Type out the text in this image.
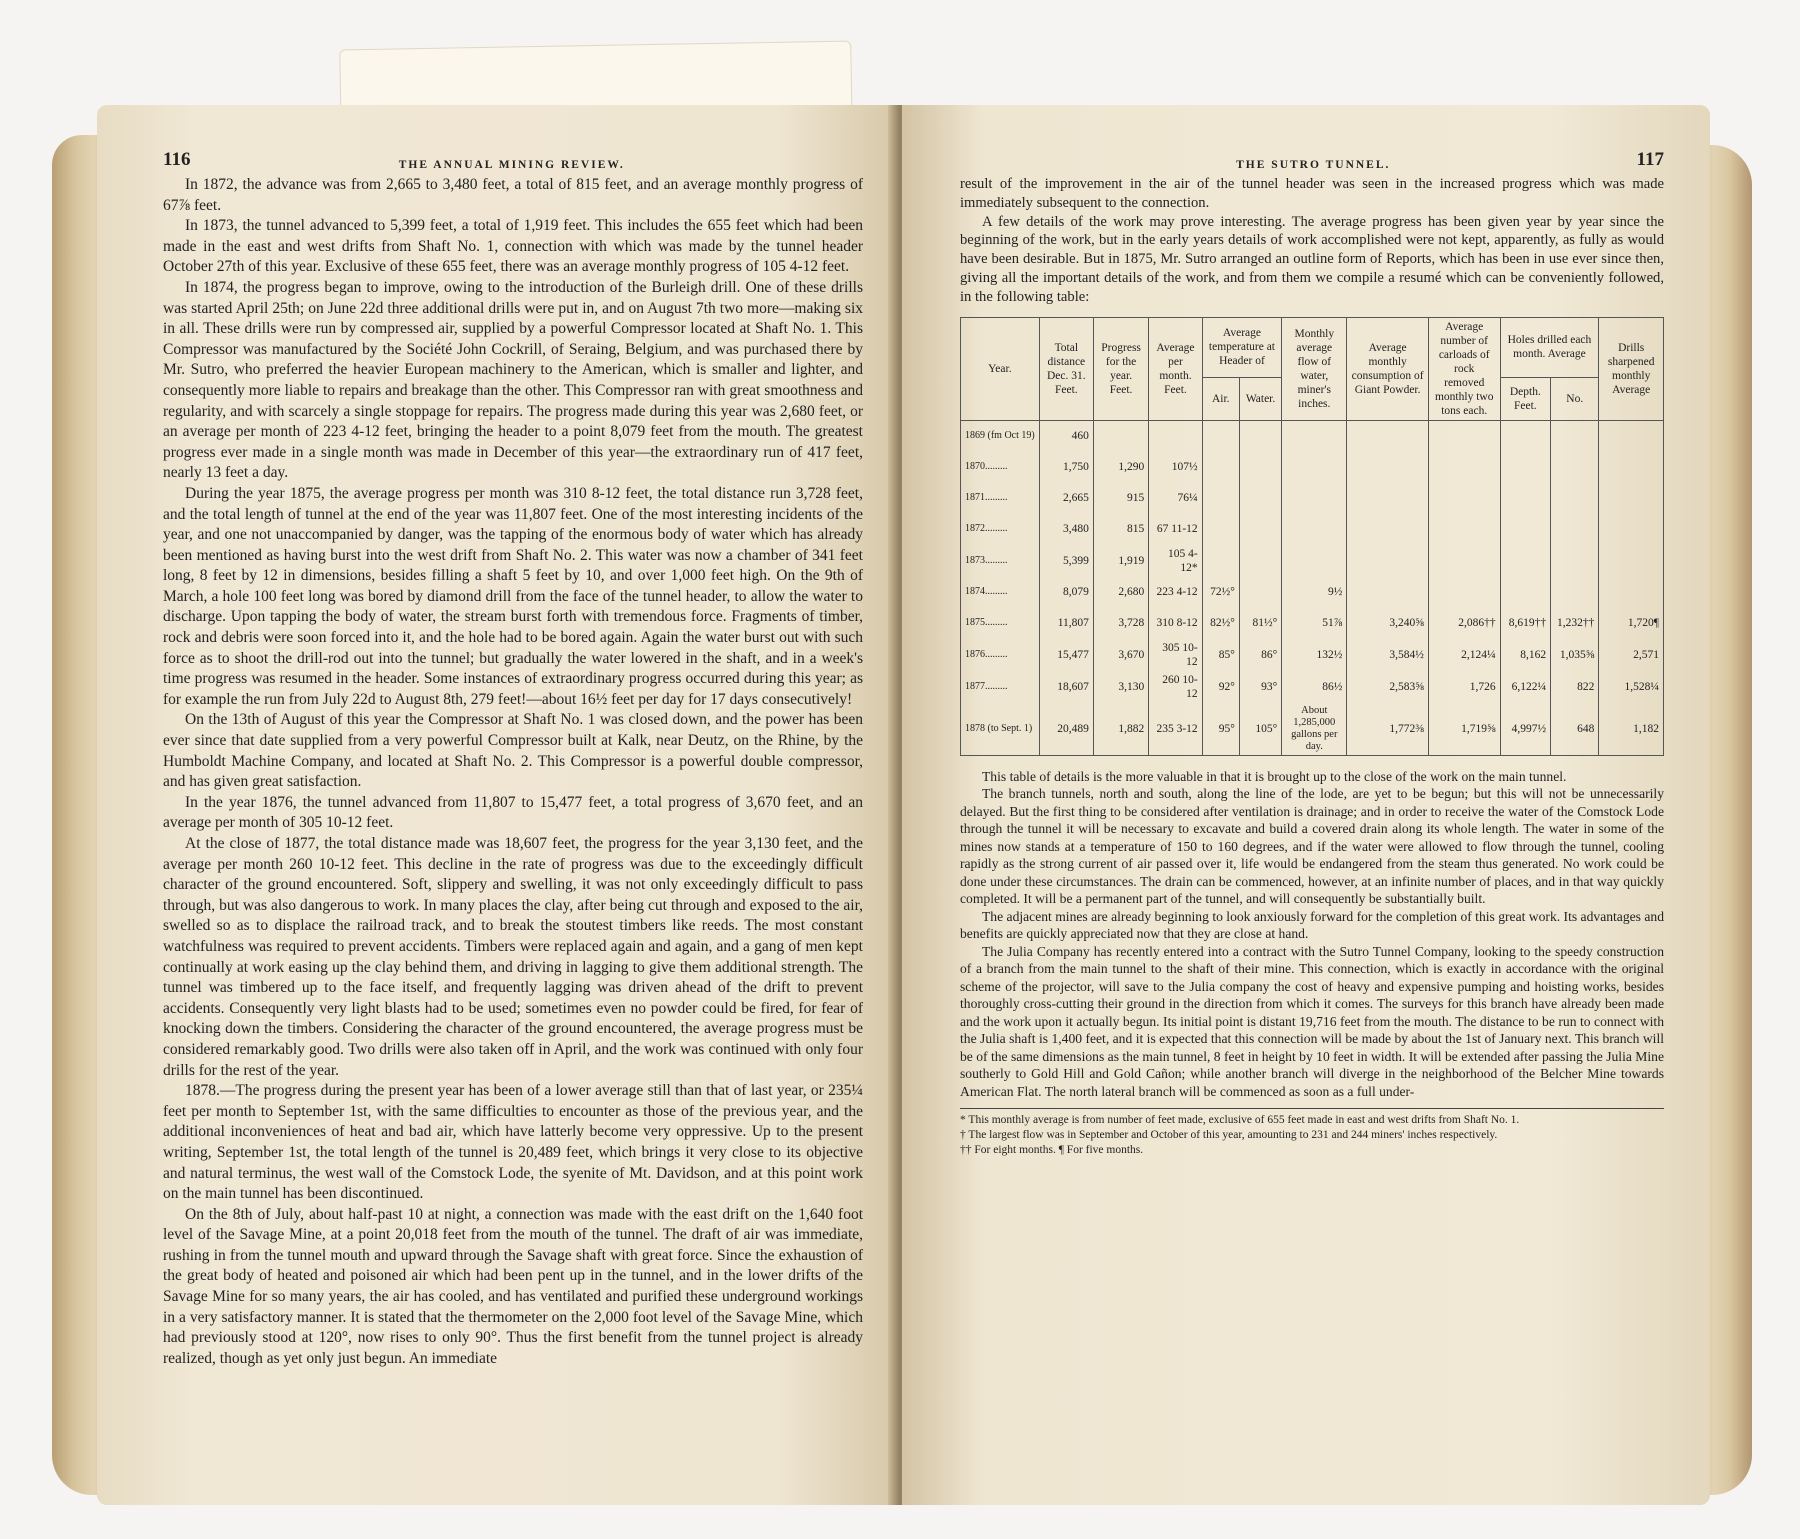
116	THE ANNUAL MINING REVIEW.

In 1872, the advance was from 2,665 to 3,480 feet, a total of 815 feet, and an average monthly progress of 67⅞ feet.

In 1873, the tunnel advanced to 5,399 feet, a total of 1,919 feet. This includes the 655 feet which had been made in the east and west drifts from Shaft No. 1, connection with which was made by the tunnel header October 27th of this year. Exclusive of these 655 feet, there was an average monthly progress of 105 4-12 feet.

In 1874, the progress began to improve, owing to the introduction of the Burleigh drill. One of these drills was started April 25th; on June 22d three additional drills were put in, and on August 7th two more—making six in all. These drills were run by compressed air, supplied by a powerful Compressor located at Shaft No. 1. This Compressor was manufactured by the Société John Cockrill, of Seraing, Belgium, and was purchased there by Mr. Sutro, who preferred the heavier European machinery to the American, which is smaller and lighter, and consequently more liable to repairs and breakage than the other. This Compressor ran with great smoothness and regularity, and with scarcely a single stoppage for repairs. The progress made during this year was 2,680 feet, or an average per month of 223 4-12 feet, bringing the header to a point 8,079 feet from the mouth. The greatest progress ever made in a single month was made in December of this year—the extraordinary run of 417 feet, nearly 13 feet a day.

During the year 1875, the average progress per month was 310 8-12 feet, the total distance run 3,728 feet, and the total length of tunnel at the end of the year was 11,807 feet. One of the most interesting incidents of the year, and one not unaccompanied by danger, was the tapping of the enormous body of water which has already been mentioned as having burst into the west drift from Shaft No. 2. This water was now a chamber of 341 feet long, 8 feet by 12 in dimensions, besides filling a shaft 5 feet by 10, and over 1,000 feet high. On the 9th of March, a hole 100 feet long was bored by diamond drill from the face of the tunnel header, to allow the water to discharge. Upon tapping the body of water, the stream burst forth with tremendous force. Fragments of timber, rock and debris were soon forced into it, and the hole had to be bored again. Again the water burst out with such force as to shoot the drill-rod out into the tunnel; but gradually the water lowered in the shaft, and in a week's time progress was resumed in the header. Some instances of extraordinary progress occurred during this year; as for example the run from July 22d to August 8th, 279 feet!—about 16½ feet per day for 17 days consecutively!

On the 13th of August of this year the Compressor at Shaft No. 1 was closed down, and the power has been ever since that date supplied from a very powerful Compressor built at Kalk, near Deutz, on the Rhine, by the Humboldt Machine Company, and located at Shaft No. 2. This Compressor is a powerful double compressor, and has given great satisfaction.

In the year 1876, the tunnel advanced from 11,807 to 15,477 feet, a total progress of 3,670 feet, and an average per month of 305 10-12 feet.

At the close of 1877, the total distance made was 18,607 feet, the progress for the year 3,130 feet, and the average per month 260 10-12 feet. This decline in the rate of progress was due to the exceedingly difficult character of the ground encountered. Soft, slippery and swelling, it was not only exceedingly difficult to pass through, but was also dangerous to work. In many places the clay, after being cut through and exposed to the air, swelled so as to displace the railroad track, and to break the stoutest timbers like reeds. The most constant watchfulness was required to prevent accidents. Timbers were replaced again and again, and a gang of men kept continually at work easing up the clay behind them, and driving in lagging to give them additional strength. The tunnel was timbered up to the face itself, and frequently lagging was driven ahead of the drift to prevent accidents. Consequently very light blasts had to be used; sometimes even no powder could be fired, for fear of knocking down the timbers. Considering the character of the ground encountered, the average progress must be considered remarkably good. Two drills were also taken off in April, and the work was continued with only four drills for the rest of the year.

1878.—The progress during the present year has been of a lower average still than that of last year, or 235¼ feet per month to September 1st, with the same difficulties to encounter as those of the previous year, and the additional inconveniences of heat and bad air, which have latterly become very oppressive. Up to the present writing, September 1st, the total length of the tunnel is 20,489 feet, which brings it very close to its objective and natural terminus, the west wall of the Comstock Lode, the syenite of Mt. Davidson, and at this point work on the main tunnel has been discontinued.

On the 8th of July, about half-past 10 at night, a connection was made with the east drift on the 1,640 foot level of the Savage Mine, at a point 20,018 feet from the mouth of the tunnel. The draft of air was immediate, rushing in from the tunnel mouth and upward through the Savage shaft with great force. Since the exhaustion of the great body of heated and poisoned air which had been pent up in the tunnel, and in the lower drifts of the Savage Mine for so many years, the air has cooled, and has ventilated and purified these underground workings in a very satisfactory manner. It is stated that the thermometer on the 2,000 foot level of the Savage Mine, which had previously stood at 120°, now rises to only 90°. Thus the first benefit from the tunnel project is already realized, though as yet only just begun. An immediate

THE SUTRO TUNNEL.	117

result of the improvement in the air of the tunnel header was seen in the increased progress which was made immediately subsequent to the connection.

A few details of the work may prove interesting. The average progress has been given year by year since the beginning of the work, but in the early years details of work accomplished were not kept, apparently, as fully as would have been desirable. But in 1875, Mr. Sutro arranged an outline form of Reports, which has been in use ever since then, giving all the important details of the work, and from them we compile a resumé which can be conveniently followed, in the following table:

Year.	Total distance Dec. 31. Feet.	Progress for the year. Feet.	Average per month. Feet.	Average temperature at Header of		Monthly average flow of water, miner's inches.	Average monthly consumption of Giant Powder.	Average number of carloads of rock removed monthly two tons each.	Holes drilled each month. Average		Drills sharpened monthly Average
				Air.	Water.				Depth. Feet.	No.	
1869 (fm Oct 19)	460										
1870.........	1,750	1,290	107½								
1871.........	2,665	915	76¼								
1872.........	3,480	815	67 11-12								
1873.........	5,399	1,919	105 4-12*								
1874.........	8,079	2,680	223 4-12	72½°		9½					
1875.........	11,807	3,728	310 8-12	82½°	81½°	51⅞	3,240⅝	2,086††	8,619††	1,232††	1,720¶
1876.........	15,477	3,670	305 10-12	85°	86°	132½	3,584½	2,124¼	8,162	1,035⅝	2,571
1877.........	18,607	3,130	260 10-12	92°	93°	86½	2,583⅝	1,726	6,122¼	822	1,528¼
1878 (to Sept. 1)	20,489	1,882	235 3-12	95°	105°	About 1,285,000 gallons per day.	1,772⅜	1,719⅝	4,997½	648	1,182

This table of details is the more valuable in that it is brought up to the close of the work on the main tunnel.

The branch tunnels, north and south, along the line of the lode, are yet to be begun; but this will not be unnecessarily delayed. But the first thing to be considered after ventilation is drainage; and in order to receive the water of the Comstock Lode through the tunnel it will be necessary to excavate and build a covered drain along its whole length. The water in some of the mines now stands at a temperature of 150 to 160 degrees, and if the water were allowed to flow through the tunnel, cooling rapidly as the strong current of air passed over it, life would be endangered from the steam thus generated. No work could be done under these circumstances. The drain can be commenced, however, at an infinite number of places, and in that way quickly completed. It will be a permanent part of the tunnel, and will consequently be substantially built.

The adjacent mines are already beginning to look anxiously forward for the completion of this great work. Its advantages and benefits are quickly appreciated now that they are close at hand.

The Julia Company has recently entered into a contract with the Sutro Tunnel Company, looking to the speedy construction of a branch from the main tunnel to the shaft of their mine. This connection, which is exactly in accordance with the original scheme of the projector, will save to the Julia company the cost of heavy and expensive pumping and hoisting works, besides thoroughly cross-cutting their ground in the direction from which it comes. The surveys for this branch have already been made and the work upon it actually begun. Its initial point is distant 19,716 feet from the mouth. The distance to be run to connect with the Julia shaft is 1,400 feet, and it is expected that this connection will be made by about the 1st of January next. This branch will be of the same dimensions as the main tunnel, 8 feet in height by 10 feet in width. It will be extended after passing the Julia Mine southerly to Gold Hill and Gold Cañon; while another branch will diverge in the neighborhood of the Belcher Mine towards American Flat. The north lateral branch will be commenced as soon as a full under-

* This monthly average is from number of feet made, exclusive of 655 feet made in east and west drifts from Shaft No. 1.
† The largest flow was in September and October of this year, amounting to 231 and 244 miners' inches respectively.
†† For eight months. ¶ For five months.
